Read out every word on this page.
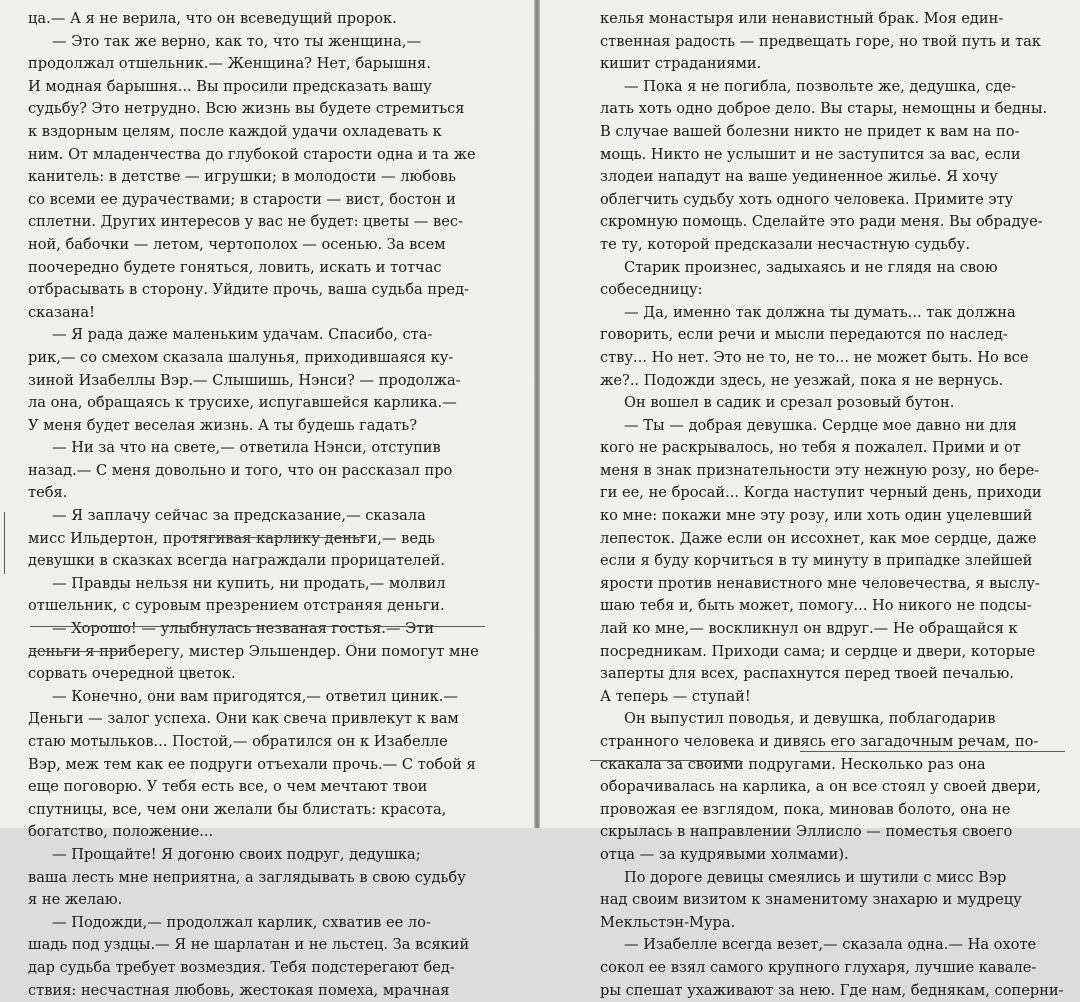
ца.— А я не верила, что он всеведущий пророк.
— Это так же верно, как то, что ты женщина,—
продолжал отшельник.— Женщина? Нет, барышня.
И модная барышня... Вы просили предсказать вашу
судьбу? Это нетрудно. Всю жизнь вы будете стремиться
к вздорным целям, после каждой удачи охладевать к
ним. От младенчества до глубокой старости одна и та же
канитель: в детстве — игрушки; в молодости — любовь
со всеми ее дурачествами; в старости — вист, бостон и
сплетни. Других интересов у вас не будет: цветы — вес-
ной, бабочки — летом, чертополох — осенью. За всем
поочередно будете гоняться, ловить, искать и тотчас
отбрасывать в сторону. Уйдите прочь, ваша судьба пред-
сказана!
— Я рада даже маленьким удачам. Спасибо, ста-
рик,— со смехом сказала шалунья, приходившаяся ку-
зиной Изабеллы Вэр.— Слышишь, Нэнси? — продолжа-
ла она, обращаясь к трусихе, испугавшейся карлика.—
У меня будет веселая жизнь. А ты будешь гадать?
— Ни за что на свете,— ответила Нэнси, отступив
назад.— С меня довольно и того, что он рассказал про
тебя.
— Я заплачу сейчас за предсказание,— сказала
мисс Ильдертон, протягивая карлику деньги,— ведь
девушки в сказках всегда награждали прорицателей.
— Правды нельзя ни купить, ни продать,— молвил
отшельник, с суровым презрением отстраняя деньги.
— Хорошо! — улыбнулась незваная гостья.— Эти
деньги я приберегу, мистер Эльшендер. Они помогут мне
сорвать очередной цветок.
— Конечно, они вам пригодятся,— ответил циник.—
Деньги — залог успеха. Они как свеча привлекут к вам
стаю мотыльков... Постой,— обратился он к Изабелле
Вэр, меж тем как ее подруги отъехали прочь.— С тобой я
еще поговорю. У тебя есть все, о чем мечтают твои
спутницы, все, чем они желали бы блистать: красота,
богатство, положение...
— Прощайте! Я догоню своих подруг, дедушка;
ваша лесть мне неприятна, а заглядывать в свою судьбу
я не желаю.
— Подожди,— продолжал карлик, схватив ее ло-
шадь под уздцы.— Я не шарлатан и не льстец. За всякий
дар судьба требует возмездия. Тебя подстерегают бед-
ствия: несчастная любовь, жестокая помеха, мрачная
келья монастыря или ненавистный брак. Моя един-
ственная радость — предвещать горе, но твой путь и так
кишит страданиями.
— Пока я не погибла, позвольте же, дедушка, сде-
лать хоть одно доброе дело. Вы стары, немощны и бедны.
В случае вашей болезни никто не придет к вам на по-
мощь. Никто не услышит и не заступится за вас, если
злодеи нападут на ваше уединенное жилье. Я хочу
облегчить судьбу хоть одного человека. Примите эту
скромную помощь. Сделайте это ради меня. Вы обрадуе-
те ту, которой предсказали несчастную судьбу.
Старик произнес, задыхаясь и не глядя на свою
собеседницу:
— Да, именно так должна ты думать... так должна
говорить, если речи и мысли передаются по наслед-
ству... Но нет. Это не то, не то... не может быть. Но все
же?.. Подожди здесь, не уезжай, пока я не вернусь.
Он вошел в садик и срезал розовый бутон.
— Ты — добрая девушка. Сердце мое давно ни для
кого не раскрывалось, но тебя я пожалел. Прими и от
меня в знак признательности эту нежную розу, но бере-
ги ее, не бросай... Когда наступит черный день, приходи
ко мне: покажи мне эту розу, или хоть один уцелевший
лепесток. Даже если он иссохнет, как мое сердце, даже
если я буду корчиться в ту минуту в припадке злейшей
ярости против ненавистного мне человечества, я выслу-
шаю тебя и, быть может, помогу... Но никого не подсы-
лай ко мне,— воскликнул он вдруг.— Не обращайся к
посредникам. Приходи сама; и сердце и двери, которые
заперты для всех, распахнутся перед твоей печалью.
А теперь — ступай!
Он выпустил поводья, и девушка, поблагодарив
странного человека и дивясь его загадочным речам, по-
скакала за своими подругами. Несколько раз она
оборачивалась на карлика, а он все стоял у своей двери,
провожая ее взглядом, пока, миновав болото, она не
скрылась в направлении Эллисло — поместья своего
отца — за кудрявыми холмами).
По дороге девицы смеялись и шутили с мисс Вэр
над своим визитом к знаменитому знахарю и мудрецу
Мекльстэн-Мура.
— Изабелле всегда везет,— сказала одна.— На охоте
сокол ее взял самого крупного глухаря, лучшие кавале-
ры спешат ухаживают за нею. Где нам, беднякам, соперни-
